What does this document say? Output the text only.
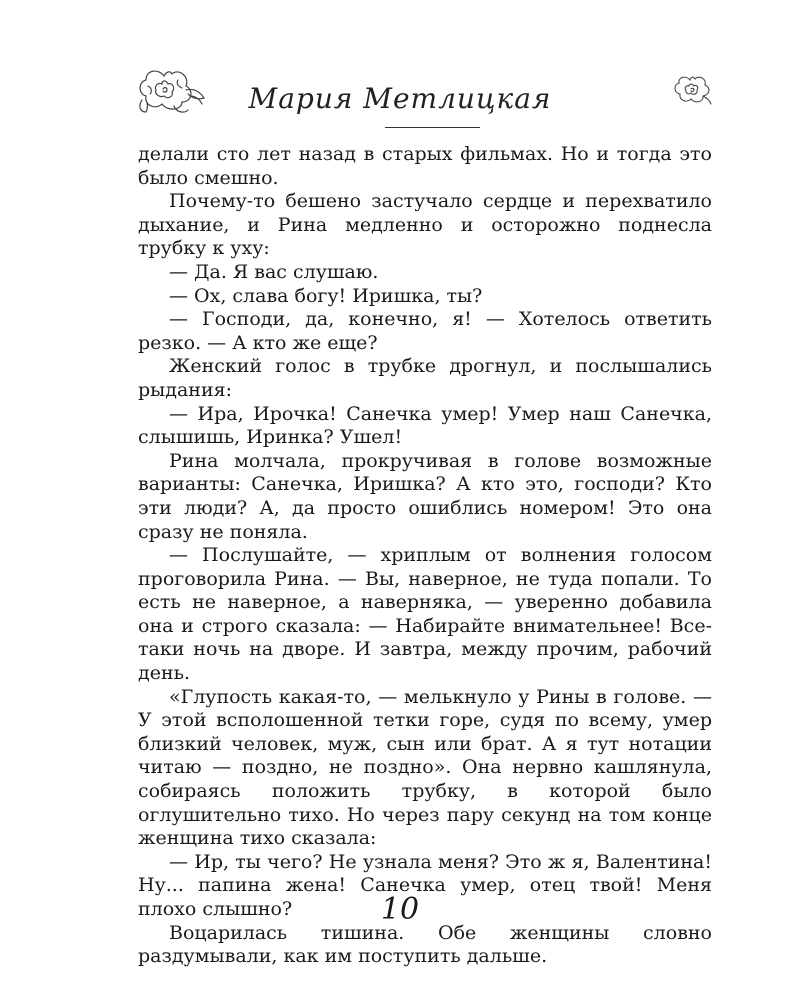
Мария Метлицкая

делали сто лет назад в старых фильмах. Но и тогда это было смешно.

Почему-то бешено застучало сердце и перехватило дыхание, и Рина медленно и осторожно поднесла трубку к уху:

— Да. Я вас слушаю.

— Ох, слава богу! Иришка, ты?

— Господи, да, конечно, я! — Хотелось ответить резко. — А кто же еще?

Женский голос в трубке дрогнул, и послышались рыдания:

— Ира, Ирочка! Санечка умер! Умер наш Санечка, слышишь, Иринка? Ушел!

Рина молчала, прокручивая в голове возможные варианты: Санечка, Иришка? А кто это, господи? Кто эти люди? А, да просто ошиблись номером! Это она сразу не поняла.

— Послушайте, — хриплым от волнения голосом проговорила Рина. — Вы, наверное, не туда попали. То есть не наверное, а наверняка, — уверенно добавила она и строго сказала: — Набирайте внимательнее! Все-таки ночь на дворе. И завтра, между прочим, рабочий день.

«Глупость какая-то, — мелькнуло у Рины в голове. — У этой всполошенной тетки горе, судя по всему, умер близкий человек, муж, сын или брат. А я тут нотации читаю — поздно, не поздно». Она нервно кашлянула, собираясь положить трубку, в которой было оглушительно тихо. Но через пару секунд на том конце женщина тихо сказала:

— Ир, ты чего? Не узнала меня? Это ж я, Валентина! Ну... папина жена! Санечка умер, отец твой! Меня плохо слышно?

Воцарилась тишина. Обе женщины словно раздумывали, как им поступить дальше.

10
